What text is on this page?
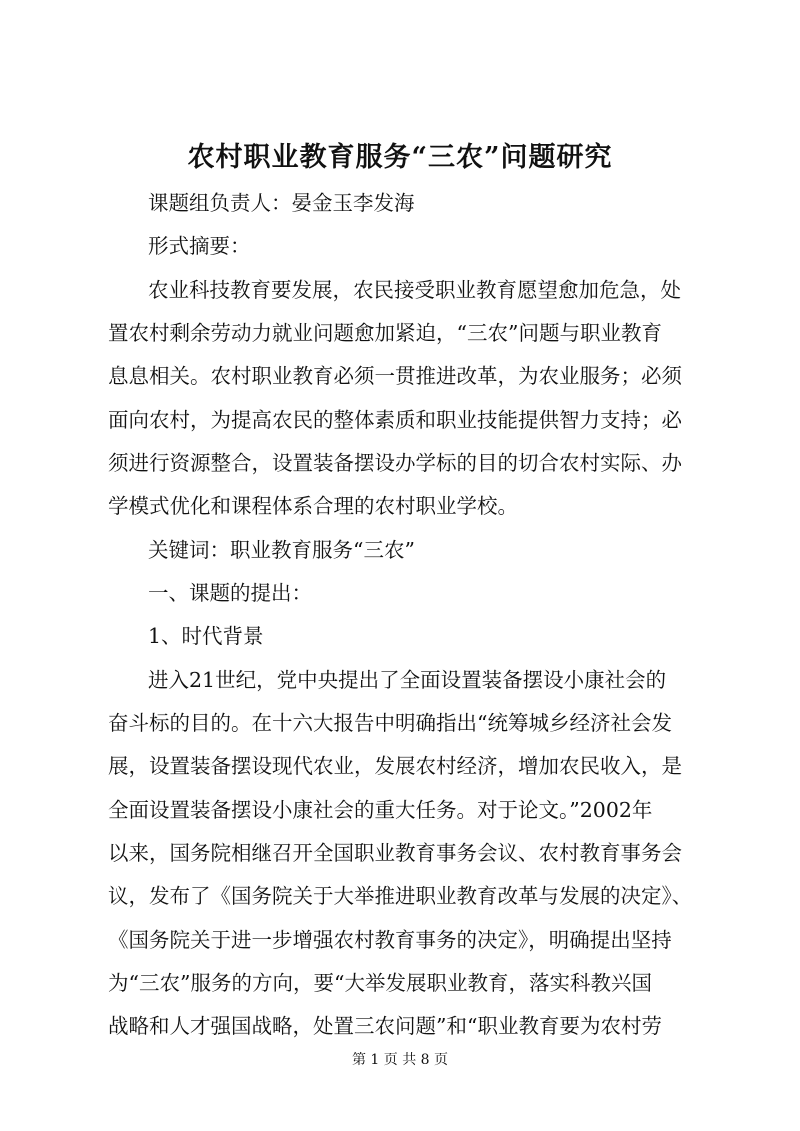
农村职业教育服务“三农”问题研究

课题组负责人：晏金玉李发海

形式摘要：

农业科技教育要发展，农民接受职业教育愿望愈加危急，处

置农村剩余劳动力就业问题愈加紧迫，“三农”问题与职业教育

息息相关。农村职业教育必须一贯推进改革，为农业服务；必须

面向农村，为提高农民的整体素质和职业技能提供智力支持；必

须进行资源整合，设置装备摆设办学标的目的切合农村实际、办

学模式优化和课程体系合理的农村职业学校。

关键词：职业教育服务“三农”

一、课题的提出：

1、时代背景

进入21世纪，党中央提出了全面设置装备摆设小康社会的

奋斗标的目的。在十六大报告中明确指出“统筹城乡经济社会发

展，设置装备摆设现代农业，发展农村经济，增加农民收入，是

全面设置装备摆设小康社会的重大任务。对于论文。”2002年

以来，国务院相继召开全国职业教育事务会议、农村教育事务会

议，发布了《国务院关于大举推进职业教育改革与发展的决定》、

《国务院关于进一步增强农村教育事务的决定》，明确提出坚持

为“三农”服务的方向，要“大举发展职业教育，落实科教兴国

战略和人才强国战略，处置三农问题”和“职业教育要为农村劳

第 1 页 共 8 页
